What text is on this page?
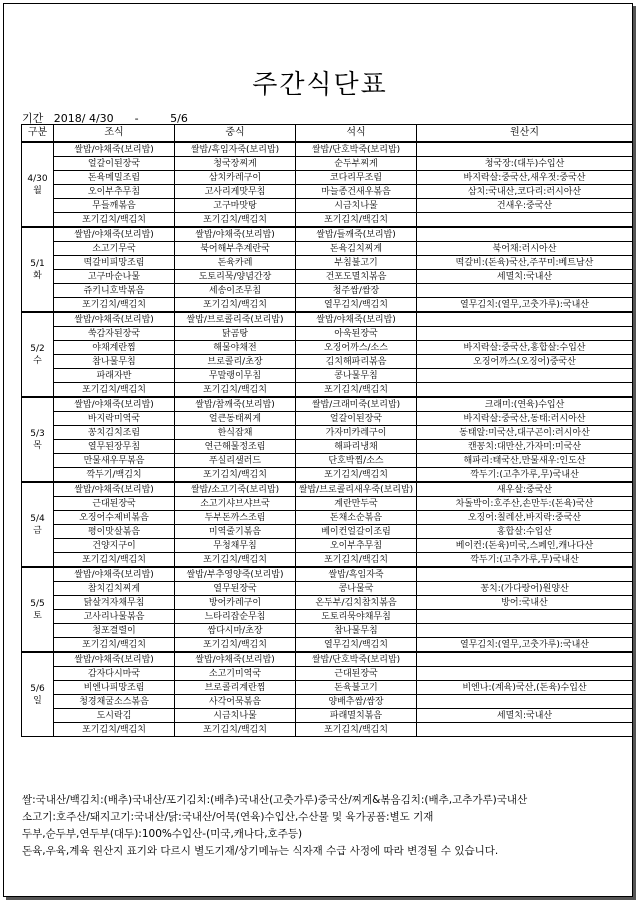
주간식단표
기간 2018/ 4/30 -	5/6
구분	조식	중식	석식	원산지

4/30
월	쌀밥/야채죽(보리밥)	쌀밥/흑임자죽(보리밥)	쌀밥/단호박죽(보리밥)	
	얼갈이된장국	청국장찌게	순두부찌게	청국장:(대두)수입산
	돈육메밀조림	삼치카레구이	코다리무조림	바지락살:중국산,새우젓:중국산
	오이부추무침	고사리게맛무침	마늘종건새우볶음	삼치:국내산,코다리:러시아산
	무들깨볶음	고구마맛탕	시금치나물	건새우:중국산
	포기김치/백김치	포기김치/백김치	포기김치/백김치	

5/1
화	쌀밥/야채죽(보리밥)	쌀밥/야채죽(보리밥)	쌀밥/들깨죽(보리밥)	
	소고기무국	북어해부추계란국	돈육김치찌게	북어채:러시아산
	떡갈비피망조림	돈육카레	부침불고기	떡갈비:(돈육)국산,주꾸미:베트남산
	고구마순나물	도토리묵/양념간장	건포도멸치볶음	세멸치:국내산
	쥬키니호박볶음	세송이조무침	청주쌈/쌈장	
	포기김치/백김치	포기김치/백김치	열무김치/백김치	열무김치:(열무,고춧가루):국내산

5/2
수	쌀밥/야채죽(보리밥)	쌀밥/브로콜리죽(보리밥)	쌀밥/야채죽(보리밥)	
	쑥감자된장국	닭곰탕	아욱된장국	
	야채계란찜	해물야채전	오징어까스/소스	바지락살:중국산,홍합살:수입산
	참나물무침	브로콜리/초장	김치해파리볶음	오징어까스(오징어)중국산
	파래자반	무말랭이무침	콩나물무침	
	포기김치/백김치	포기김치/백김치	포기김치/백김치	

5/3
목	쌀밥/야채죽(보리밥)	쌀밥/참깨죽(보리밥)	쌀밥/크래미죽(보리밥)	크래미:(연육)수입산
	바지락미역국	얼큰동태찌게	얼갈이된장국	바지락살:중국산,동태:러시아산
	꽁치김치조림	한식잡채	가자미카레구이	동태알:미국산,대구곤이:러시아산
	열무된장무침	연근해물정조림	해파리냉채	캔꽁치:대만산,가자미:미국산
	만물새우무볶음	푸실리샐러드	단호박찜/소스	해파리:태국산,만물새우:인도산
	깍두기/백김치	포기김치/백김치	포기김치/백김치	깍두기:(고추가루,무)국내산

5/4
금	쌀밥/야채죽(보리밥)	쌀밥/소고기죽(보리밥)	쌀밥/브로콜리새우죽(보리밥)	새우살:중국산
	근대된장국	소고기샤브샤브국	계란만두국	차돌박이:호주산,손만두:(돈육)국산
	오징어수제비볶음	두부돈까스조림	돈채소순볶음	오징어:칠레산,바지락:중국산
	평이맛살볶음	미역줄기볶음	베이컨얼갈이조림	홍합살:수입산
	건양지구이	무청채무침	오이부추무침	베이컨:(돈육)미국,스페인,캐나다산
	포기김치/백김치	포기김치/백김치	포기김치/백김치	깍두기:(고추가루,무)국내산

5/5
토	쌀밥/야채죽(보리밥)	쌀밥/부추영양죽(보리밥)	쌀밥/흑임자죽	
	참치김치찌게	열무된장국	콩나물국	꽁치:(가다랑어)원양산
	닭살겨자채무침	방어카레구이	온두부/김치참치볶음	방어:국내산
	고사리나물볶음	느타리잡순무침	도토리묵야채무침	
	청포결렬이	쌈다시마/초장	참나물무침	
	포기김치/백김치	포기김치/백김치	열무김치/백김치	열무김치:(열무,고춧가루):국내산

5/6
일	쌀밥/야채죽(보리밥)	쌀밥/야채죽(보리밥)	쌀밥/단호박죽(보리밥)	
	감자다시마국	소고기미역국	근대된장국	
	비엔나피망조림	브로콜리계란찜	돈육불고기	비엔나:(계육)국산,(돈육)수입산
	청경채굴소스볶음	사각어묵볶음	양배추쌈/쌈장	
	도시락김	시금치나물	파래멸치볶음	세멸치:국내산
	포기김치/백김치	포기김치/백김치	포기김치/백김치	
쌀:국내산/백김치:(배추)국내산/포기김치:(배추)국내산(고춧가루)중국산/찌게&볶음김치:(배추,고추가루)국내산
소고기:호주산/돼지고기:국내산/닭:국내산/어묵(연육)수입산,수산물 및 육가공품:별도 기재
두부,순두부,연두부(대두):100%수입산-(미국,캐나다,호주등)
돈육,우육,계육 원산지 표기와 다르시 별도기재/상기메뉴는 식자재 수급 사정에 따라 변경될 수 있습니다.
